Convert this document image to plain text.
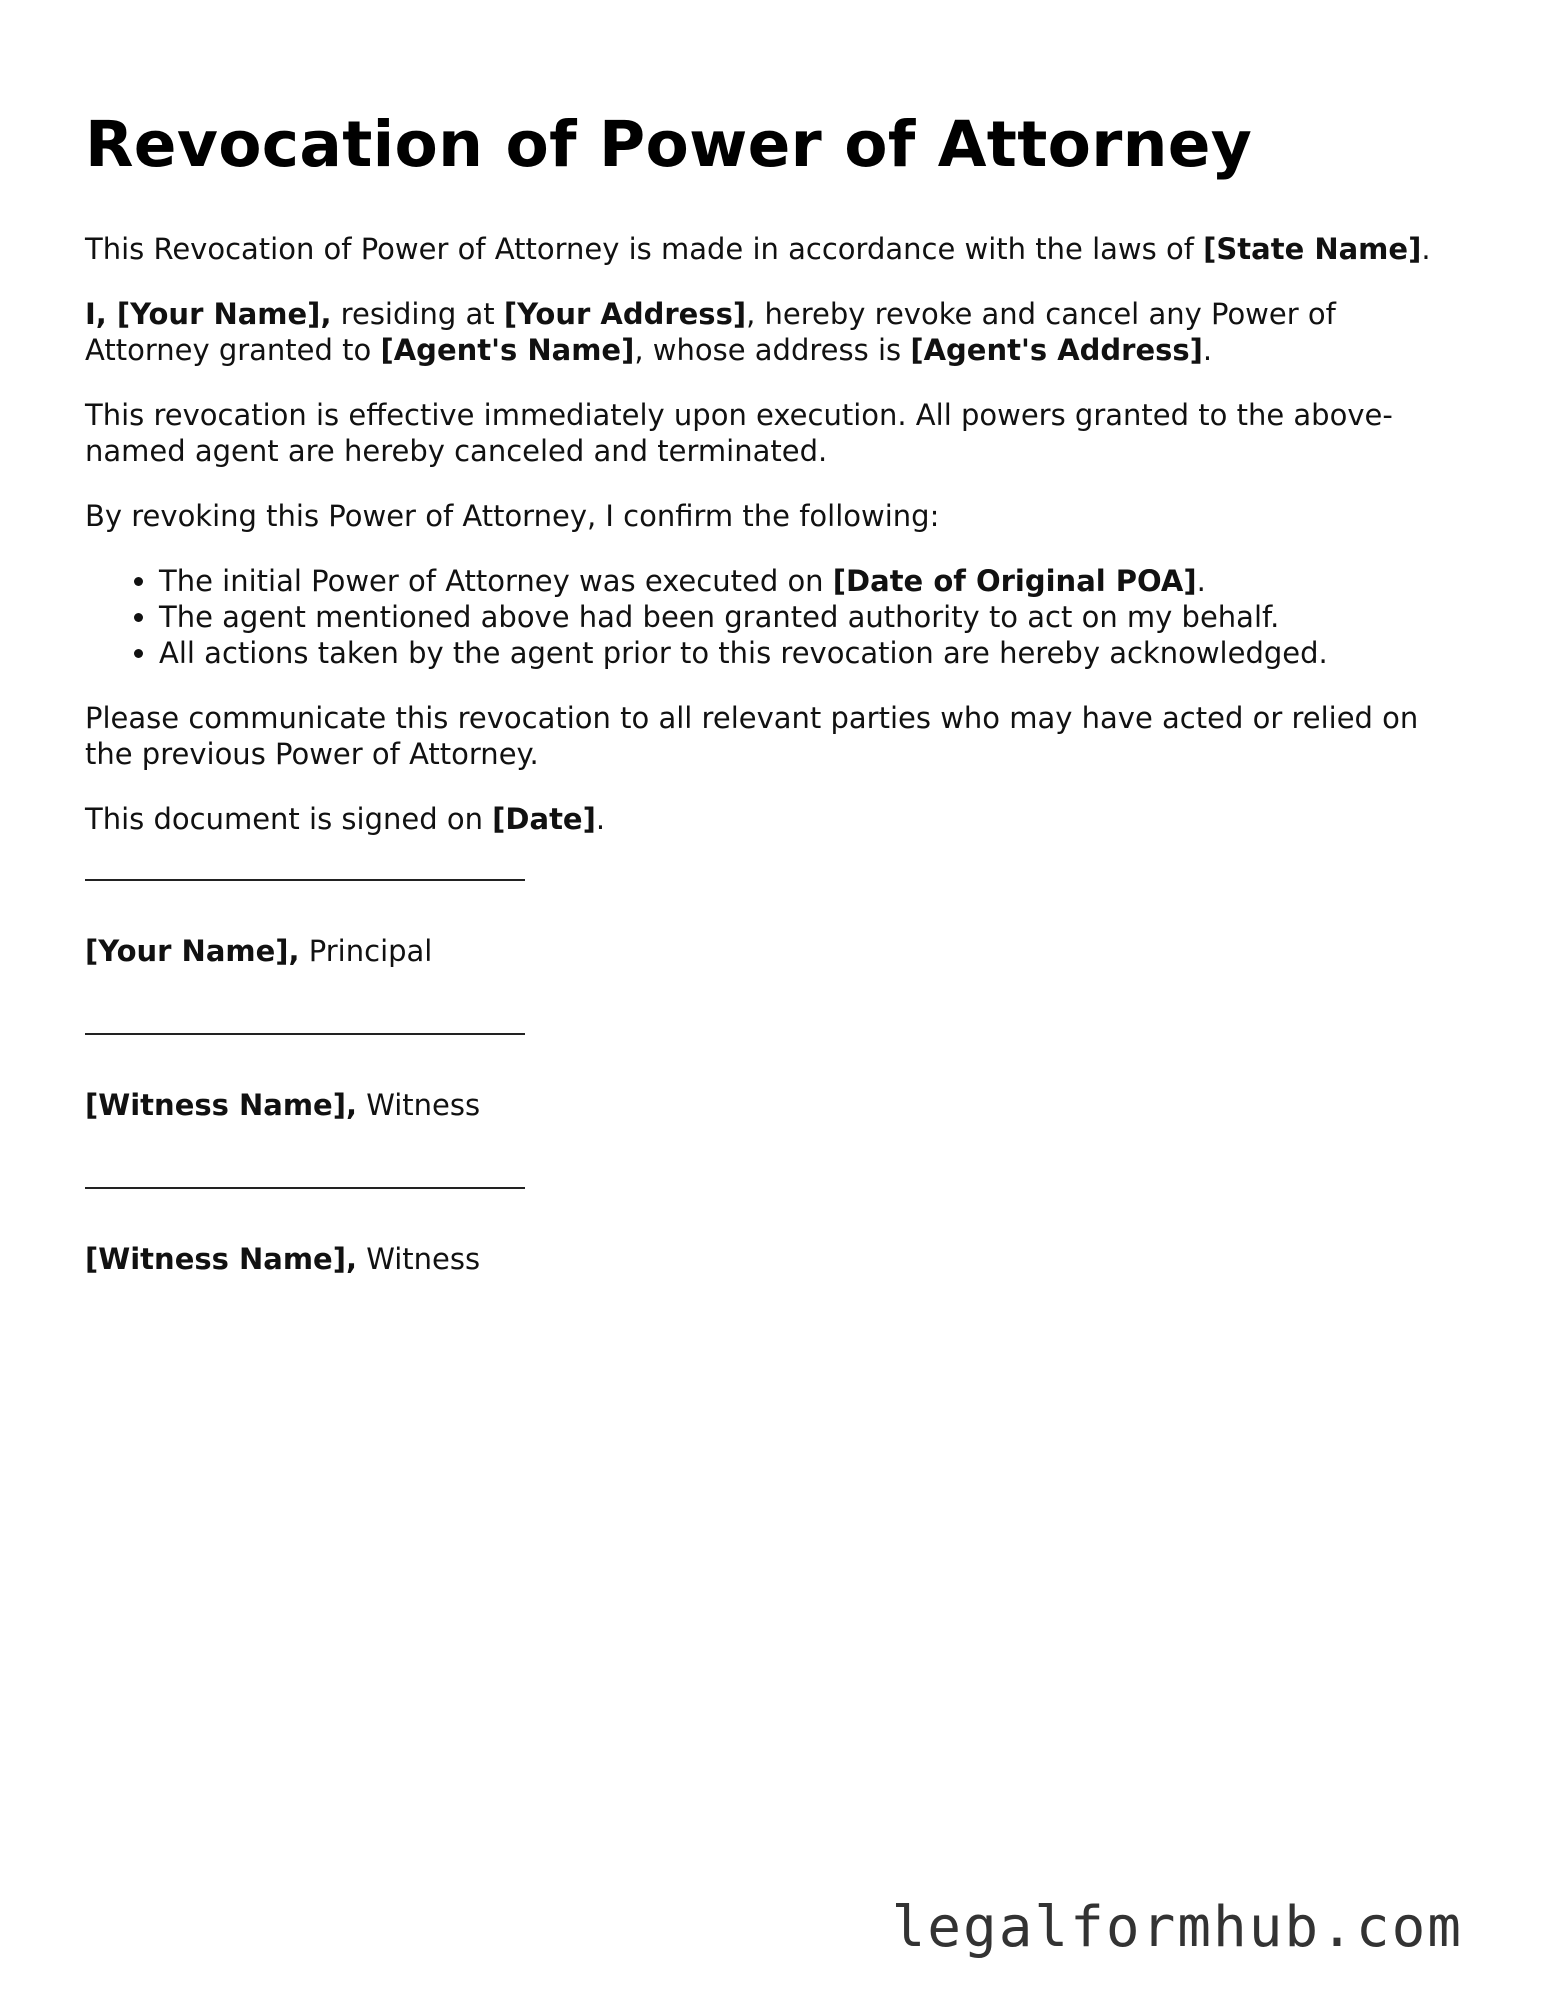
Revocation of Power of Attorney

This Revocation of Power of Attorney is made in accordance with the laws of [State Name].

I, [Your Name], residing at [Your Address], hereby revoke and cancel any Power of Attorney granted to [Agent's Name], whose address is [Agent's Address].

This revocation is effective immediately upon execution. All powers granted to the above-named agent are hereby canceled and terminated.

By revoking this Power of Attorney, I confirm the following:

• The initial Power of Attorney was executed on [Date of Original POA].
• The agent mentioned above had been granted authority to act on my behalf.
• All actions taken by the agent prior to this revocation are hereby acknowledged.

Please communicate this revocation to all relevant parties who may have acted or relied on the previous Power of Attorney.

This document is signed on [Date].

[Your Name], Principal
[Witness Name], Witness
[Witness Name], Witness
legalformhub.com
